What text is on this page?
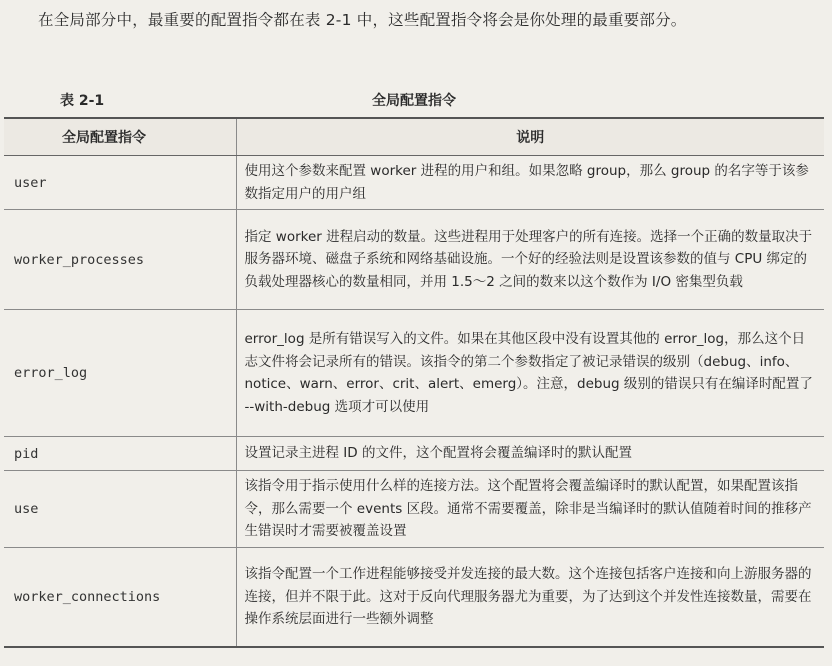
在全局部分中，最重要的配置指令都在表 2-1 中，这些配置指令将会是你处理的最重要部分。
表 2-1	全局配置指令
全局配置指令	说明
user	使用这个参数来配置 worker 进程的用户和组。如果忽略 group，那么 group 的名字等于该参数指定用户的用户组
worker_processes	指定 worker 进程启动的数量。这些进程用于处理客户的所有连接。选择一个正确的数量取决于服务器环境、磁盘子系统和网络基础设施。一个好的经验法则是设置该参数的值与 CPU 绑定的负载处理器核心的数量相同，并用 1.5～2 之间的数来以这个数作为 I/O 密集型负载
error_log	error_log 是所有错误写入的文件。如果在其他区段中没有设置其他的 error_log，那么这个日志文件将会记录所有的错误。该指令的第二个参数指定了被记录错误的级别（debug、info、notice、warn、error、crit、alert、emerg）。注意，debug 级别的错误只有在编译时配置了 --with-debug 选项才可以使用
pid	设置记录主进程 ID 的文件，这个配置将会覆盖编译时的默认配置
use	该指令用于指示使用什么样的连接方法。这个配置将会覆盖编译时的默认配置，如果配置该指令，那么需要一个 events 区段。通常不需要覆盖，除非是当编译时的默认值随着时间的推移产生错误时才需要被覆盖设置
worker_connections	该指令配置一个工作进程能够接受并发连接的最大数。这个连接包括客户连接和向上游服务器的连接，但并不限于此。这对于反向代理服务器尤为重要，为了达到这个并发性连接数量，需要在操作系统层面进行一些额外调整
